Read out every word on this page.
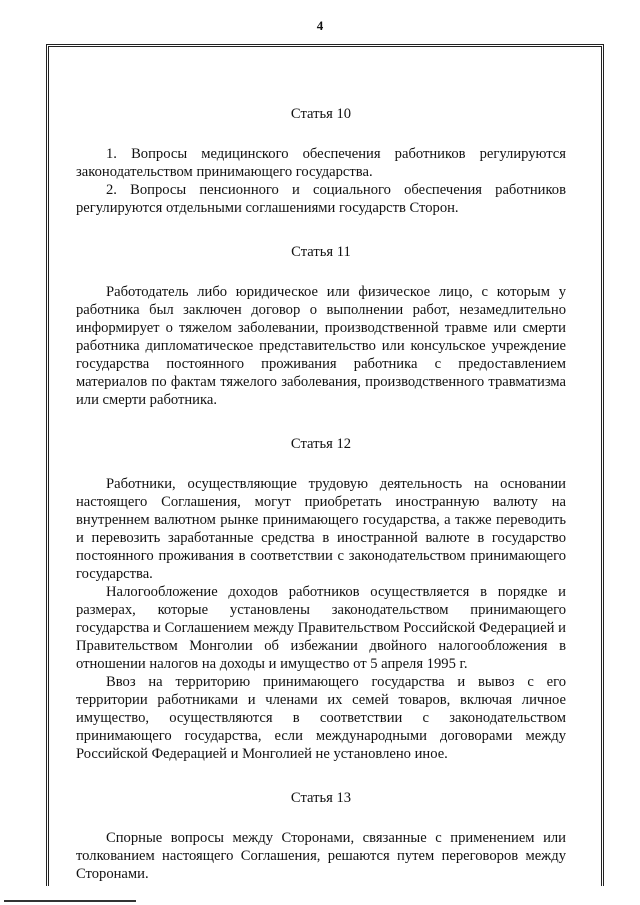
4

Статья 10

1. Вопросы медицинского обеспечения работников регулируются законодательством принимающего государства.

2. Вопросы пенсионного и социального обеспечения работников регулируются отдельными соглашениями государств Сторон.

Статья 11

Работодатель либо юридическое или физическое лицо, с которым у работника был заключен договор о выполнении работ, незамедлительно информирует о тяжелом заболевании, производственной травме или смерти работника дипломатическое представительство или консульское учреждение государства постоянного проживания работника с предоставлением материалов по фактам тяжелого заболевания, производственного травматизма или смерти работника.

Статья 12

Работники, осуществляющие трудовую деятельность на основании настоящего Соглашения, могут приобретать иностранную валюту на внутреннем валютном рынке принимающего государства, а также переводить и перевозить заработанные средства в иностранной валюте в государство постоянного проживания в соответствии с законодательством принимающего государства.

Налогообложение доходов работников осуществляется в порядке и размерах, которые установлены законодательством принимающего государства и Соглашением между Правительством Российской Федерацией и Правительством Монголии об избежании двойного налогообложения в отношении налогов на доходы и имущество от 5 апреля 1995 г.

Ввоз на территорию принимающего государства и вывоз с его территории работниками и членами их семей товаров, включая личное имущество, осуществляются в соответствии с законодательством принимающего государства, если международными договорами между Российской Федерацией и Монголией не установлено иное.

Статья 13

Спорные вопросы между Сторонами, связанные с применением или толкованием настоящего Соглашения, решаются путем переговоров между Сторонами.
